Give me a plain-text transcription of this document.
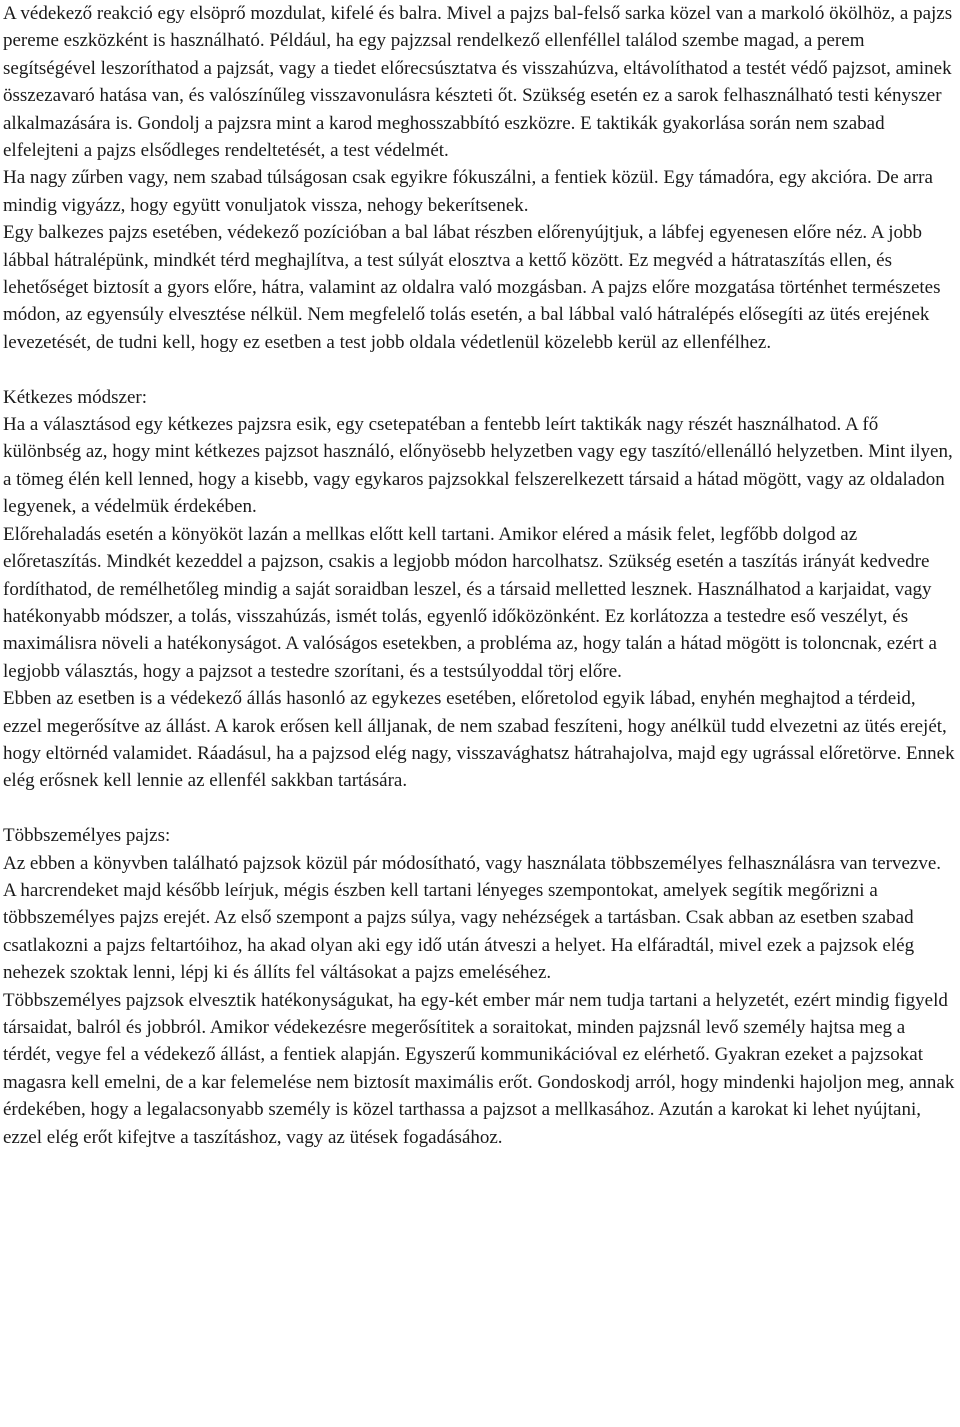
A védekező reakció egy elsöprő mozdulat, kifelé és balra. Mivel a pajzs bal-felső sarka közel van a markoló ökölhöz, a pajzs pereme eszközként is használható. Például, ha egy pajzzsal rendelkező ellenféllel találod szembe magad, a perem segítségével leszoríthatod a pajzsát, vagy a tiedet előrecsúsztatva és visszahúzva, eltávolíthatod a testét védő pajzsot, aminek összezavaró hatása van, és valószínűleg visszavonulásra készteti őt. Szükség esetén ez a sarok felhasználható testi kényszer alkalmazására is. Gondolj a pajzsra mint a karod meghosszabbító eszközre. E taktikák gyakorlása során nem szabad elfelejteni a pajzs elsődleges rendeltetését, a test védelmét.

Ha nagy zűrben vagy, nem szabad túlságosan csak egyikre fókuszálni, a fentiek közül. Egy támadóra, egy akcióra. De arra mindig vigyázz, hogy együtt vonuljatok vissza, nehogy bekerítsenek.

Egy balkezes pajzs esetében, védekező pozícióban a bal lábat részben előrenyújtjuk, a lábfej egyenesen előre néz. A jobb lábbal hátralépünk, mindkét térd meghajlítva, a test súlyát elosztva a kettő között. Ez megvéd a hátrataszítás ellen, és lehetőséget biztosít a gyors előre, hátra, valamint az oldalra való mozgásban. A pajzs előre mozgatása történhet természetes módon, az egyensúly elvesztése nélkül. Nem megfelelő tolás esetén, a bal lábbal való hátralépés elősegíti az ütés erejének levezetését, de tudni kell, hogy ez esetben a test jobb oldala védetlenül közelebb kerül az ellenfélhez.

Kétkezes módszer:

Ha a választásod egy kétkezes pajzsra esik, egy csetepatéban a fentebb leírt taktikák nagy részét használhatod. A fő különbség az, hogy mint kétkezes pajzsot használó, előnyösebb helyzetben vagy egy taszító/ellenálló helyzetben. Mint ilyen, a tömeg élén kell lenned, hogy a kisebb, vagy egykaros pajzsokkal felszerelkezett társaid a hátad mögött, vagy az oldaladon legyenek, a védelmük érdekében.

Előrehaladás esetén a könyököt lazán a mellkas előtt kell tartani. Amikor eléred a másik felet, legfőbb dolgod az előretaszítás. Mindkét kezeddel a pajzson, csakis a legjobb módon harcolhatsz. Szükség esetén a taszítás irányát kedvedre fordíthatod, de remélhetőleg mindig a saját soraidban leszel, és a társaid melletted lesznek. Használhatod a karjaidat, vagy hatékonyabb módszer, a tolás, visszahúzás, ismét tolás, egyenlő időközönként. Ez korlátozza a testedre eső veszélyt, és maximálisra növeli a hatékonyságot. A valóságos esetekben, a probléma az, hogy talán a hátad mögött is toloncnak, ezért a legjobb választás, hogy a pajzsot a testedre szorítani, és a testsúlyoddal törj előre.

Ebben az esetben is a védekező állás hasonló az egykezes esetében, előretolod egyik lábad, enyhén meghajtod a térdeid, ezzel megerősítve az állást. A karok erősen kell álljanak, de nem szabad feszíteni, hogy anélkül tudd elvezetni az ütés erejét, hogy eltörnéd valamidet. Ráadásul, ha a pajzsod elég nagy, visszavághatsz hátrahajolva, majd egy ugrással előretörve. Ennek elég erősnek kell lennie az ellenfél sakkban tartására.

Többszemélyes pajzs:

Az ebben a könyvben található pajzsok közül pár módosítható, vagy használata többszemélyes felhasználásra van tervezve. A harcrendeket majd később leírjuk, mégis észben kell tartani lényeges szempontokat, amelyek segítik megőrizni a többszemélyes pajzs erejét. Az első szempont a pajzs súlya, vagy nehézségek a tartásban. Csak abban az esetben szabad csatlakozni a pajzs feltartóihoz, ha akad olyan aki egy idő után átveszi a helyet. Ha elfáradtál, mivel ezek a pajzsok elég nehezek szoktak lenni, lépj ki és állíts fel váltásokat a pajzs emeléséhez.

Többszemélyes pajzsok elvesztik hatékonyságukat, ha egy-két ember már nem tudja tartani a helyzetét, ezért mindig figyeld társaidat, balról és jobbról. Amikor védekezésre megerősítitek a soraitokat, minden pajzsnál levő személy hajtsa meg a térdét, vegye fel a védekező állást, a fentiek alapján. Egyszerű kommunikációval ez elérhető. Gyakran ezeket a pajzsokat magasra kell emelni, de a kar felemelése nem biztosít maximális erőt. Gondoskodj arról, hogy mindenki hajoljon meg, annak érdekében, hogy a legalacsonyabb személy is közel tarthassa a pajzsot a mellkasához. Azután a karokat ki lehet nyújtani, ezzel elég erőt kifejtve a taszításhoz, vagy az ütések fogadásához.
